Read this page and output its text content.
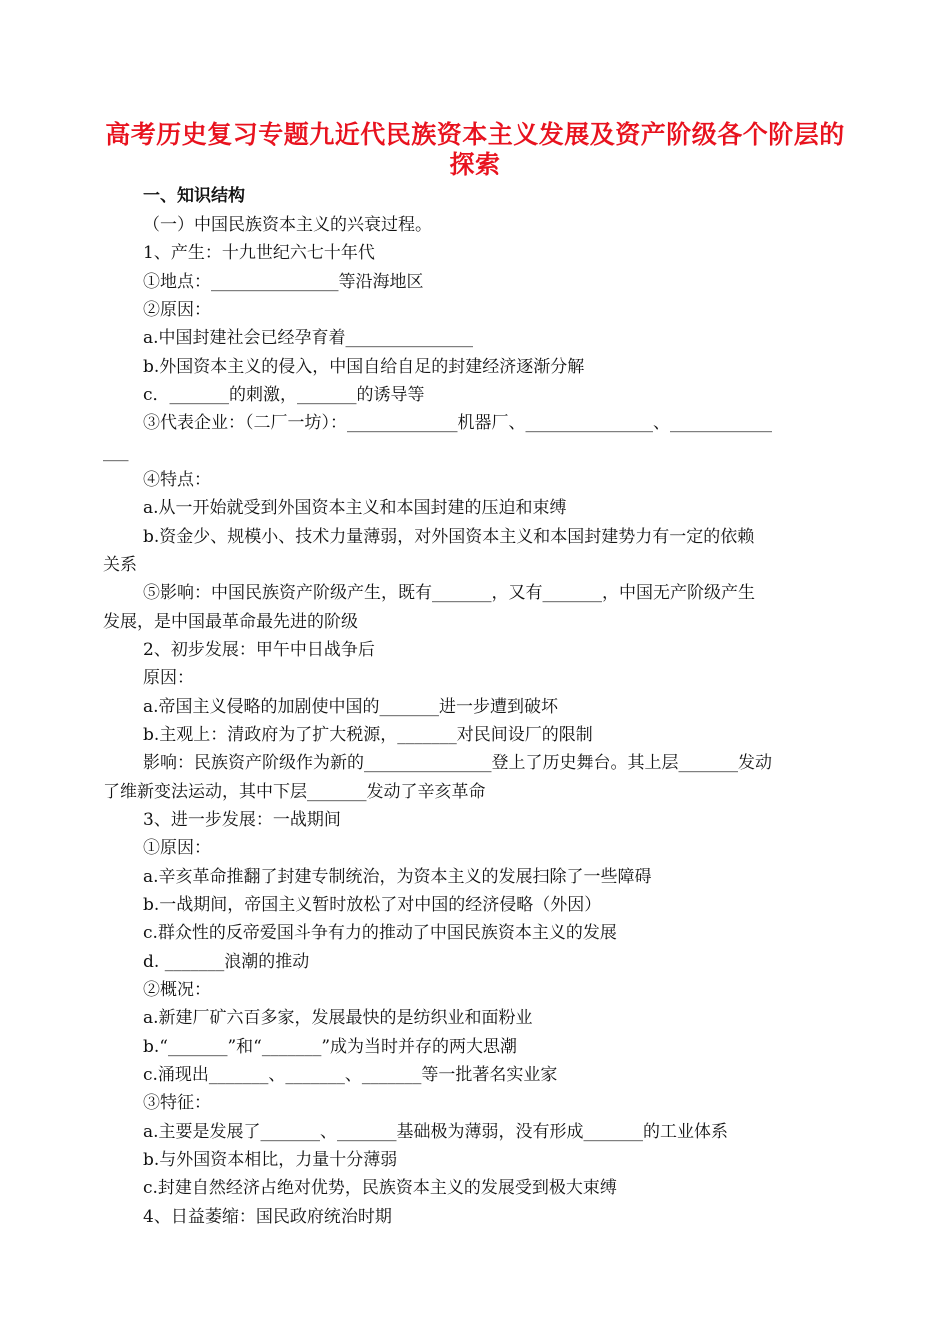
高考历史复习专题九近代民族资本主义发展及资产阶级各个阶层的
探索
一、知识结构
（一）中国民族资本主义的兴衰过程。
1、产生：十九世纪六七十年代
①地点：_______________等沿海地区
②原因：
a.中国封建社会已经孕育着_______________
b.外国资本主义的侵入，中国自给自足的封建经济逐渐分解
c．_______的刺激，_______的诱导等
③代表企业：（二厂一坊）：_____________机器厂、_______________、____________
___
④特点：
a.从一开始就受到外国资本主义和本国封建的压迫和束缚
b.资金少、规模小、技术力量薄弱，对外国资本主义和本国封建势力有一定的依赖
关系
⑤影响：中国民族资产阶级产生，既有_______，又有_______，中国无产阶级产生
发展，是中国最革命最先进的阶级
2、初步发展：甲午中日战争后
原因：
a.帝国主义侵略的加剧使中国的_______进一步遭到破坏
b.主观上：清政府为了扩大税源，_______对民间设厂的限制
影响：民族资产阶级作为新的_______________登上了历史舞台。其上层_______发动
了维新变法运动，其中下层_______发动了辛亥革命
3、进一步发展：一战期间
①原因：
a.辛亥革命推翻了封建专制统治，为资本主义的发展扫除了一些障碍
b.一战期间，帝国主义暂时放松了对中国的经济侵略（外因）
c.群众性的反帝爱国斗争有力的推动了中国民族资本主义的发展
d. _______浪潮的推动
②概况：
a.新建厂矿六百多家，发展最快的是纺织业和面粉业
b.“_______”和“_______”成为当时并存的两大思潮
c.涌现出_______、_______、_______等一批著名实业家
③特征：
a.主要是发展了_______、_______基础极为薄弱，没有形成_______的工业体系
b.与外国资本相比，力量十分薄弱
c.封建自然经济占绝对优势，民族资本主义的发展受到极大束缚
4、日益萎缩：国民政府统治时期
